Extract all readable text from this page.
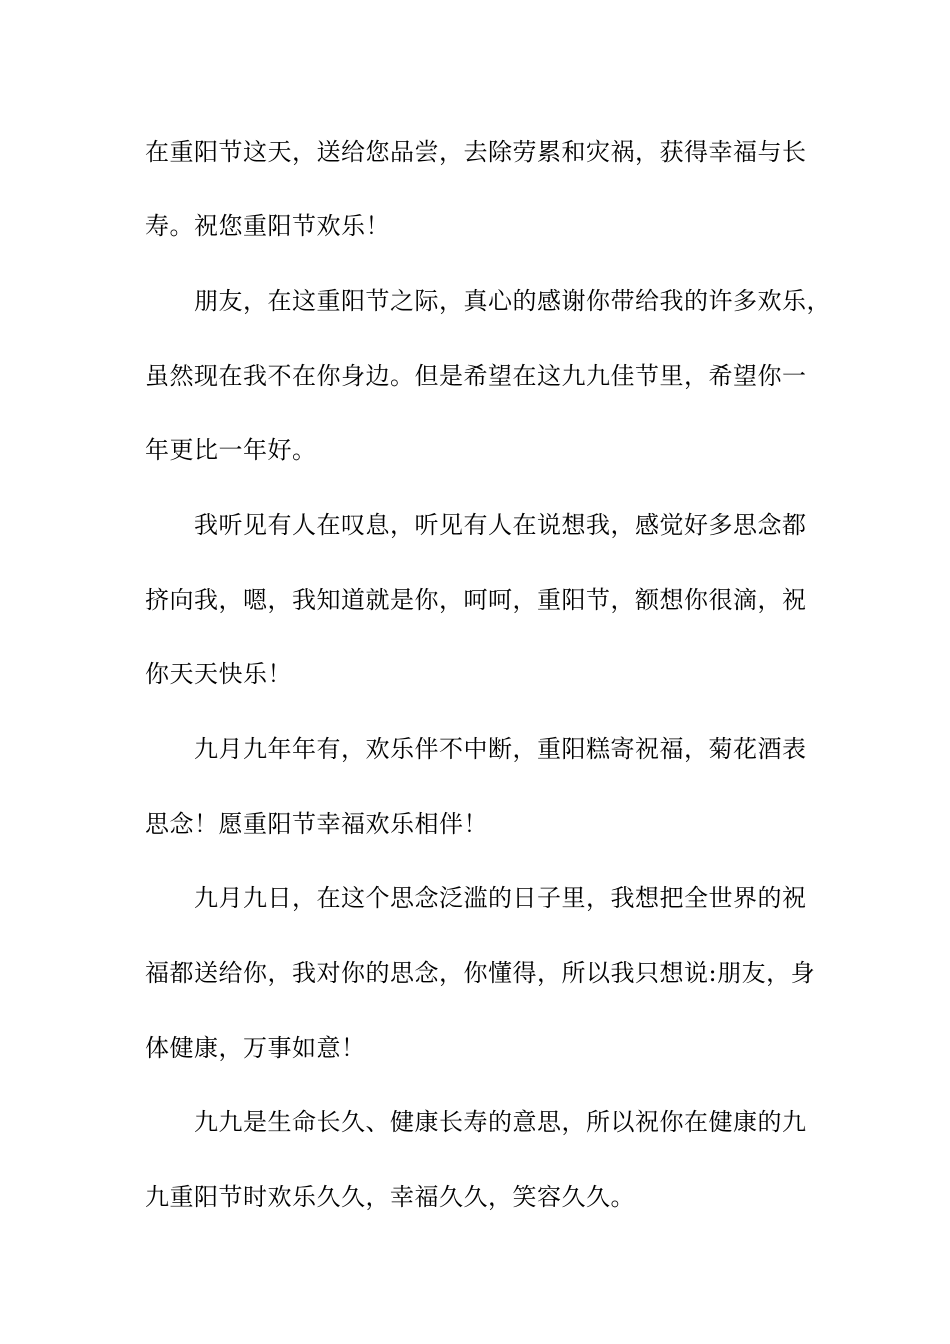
在重阳节这天，送给您品尝，去除劳累和灾祸，获得幸福与长
寿。祝您重阳节欢乐！
朋友，在这重阳节之际，真心的感谢你带给我的许多欢乐，
虽然现在我不在你身边。但是希望在这九九佳节里，希望你一
年更比一年好。
我听见有人在叹息，听见有人在说想我，感觉好多思念都
挤向我，嗯，我知道就是你，呵呵，重阳节，额想你很滴，祝
你天天快乐！
九月九年年有，欢乐伴不中断，重阳糕寄祝福，菊花酒表
思念！愿重阳节幸福欢乐相伴！
九月九日，在这个思念泛滥的日子里，我想把全世界的祝
福都送给你，我对你的思念，你懂得，所以我只想说:朋友，身
体健康，万事如意！
九九是生命长久、健康长寿的意思，所以祝你在健康的九
九重阳节时欢乐久久，幸福久久，笑容久久。
